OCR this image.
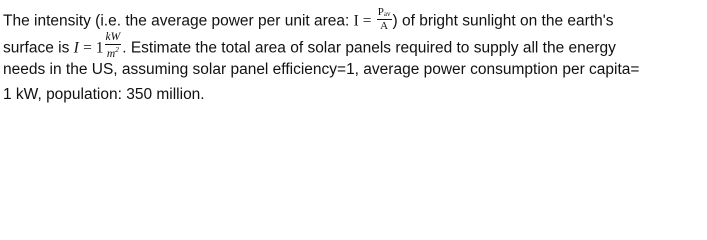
The intensity (i.e. the average power per unit area: $I = \frac{\text{Pav}}{A}$ ) of bright sunlight on the earth's
surface is $I = 1 \frac{kW}{m^2}$ . Estimate the total area of solar panels required to supply all the energy
needs in the US, assuming solar panel efficiency=1, average power consumption per capita=
1 kW, population: 350 million.
